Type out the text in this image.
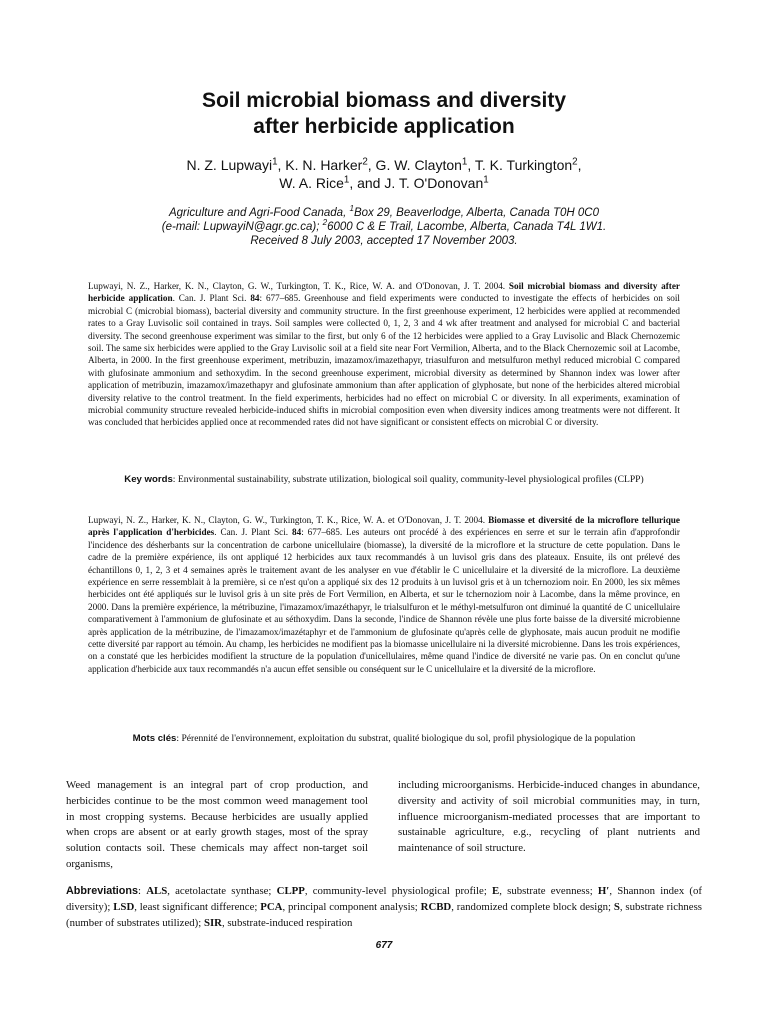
Soil microbial biomass and diversity
after herbicide application
N. Z. Lupwayi$^1$, K. N. Harker$^2$, G. W. Clayton$^1$, T. K. Turkington$^2$,
W. A. Rice$^1$, and J. T. O'Donovan$^1$
Agriculture and Agri-Food Canada, $^1$Box 29, Beaverlodge, Alberta, Canada T0H 0C0
(e-mail: LupwayiN@agr.gc.ca); $^2$6000 C & E Trail, Lacombe, Alberta, Canada T4L 1W1.
Received 8 July 2003, accepted 17 November 2003.

Lupwayi, N. Z., Harker, K. N., Clayton, G. W., Turkington, T. K., Rice, W. A. and O'Donovan, J. T. 2004. Soil microbial biomass and diversity after herbicide application. Can. J. Plant Sci. 84: 677–685. Greenhouse and field experiments were conducted to investigate the effects of herbicides on soil microbial C (microbial biomass), bacterial diversity and community structure. In the first greenhouse experiment, 12 herbicides were applied at recommended rates to a Gray Luvisolic soil contained in trays. Soil samples were collected 0, 1, 2, 3 and 4 wk after treatment and analysed for microbial C and bacterial diversity. The second greenhouse experiment was similar to the first, but only 6 of the 12 herbicides were applied to a Gray Luvisolic and Black Chernozemic soil. The same six herbicides were applied to the Gray Luvisolic soil at a field site near Fort Vermilion, Alberta, and to the Black Chernozemic soil at Lacombe, Alberta, in 2000. In the first greenhouse experiment, metribuzin, imazamox/imazethapyr, triasulfuron and metsulfuron methyl reduced microbial C compared with glufosinate ammonium and sethoxydim. In the second greenhouse experiment, microbial diversity as determined by Shannon index was lower after application of metribuzin, imazamox/imazethapyr and glufosinate ammonium than after application of glyphosate, but none of the herbicides altered microbial diversity relative to the control treatment. In the field experiments, herbicides had no effect on microbial C or diversity. In all experiments, examination of microbial community structure revealed herbicide-induced shifts in microbial composition even when diversity indices among treatments were not different. It was concluded that herbicides applied once at recommended rates did not have significant or consistent effects on microbial C or diversity.

Key words: Environmental sustainability, substrate utilization, biological soil quality, community-level physiological profiles (CLPP)

Lupwayi, N. Z., Harker, K. N., Clayton, G. W., Turkington, T. K., Rice, W. A. et O'Donovan, J. T. 2004. Biomasse et diversité de la microflore tellurique après l'application d'herbicides. Can. J. Plant Sci. 84: 677–685. Les auteurs ont procédé à des expériences en serre et sur le terrain afin d'approfondir l'incidence des désherbants sur la concentration de carbone unicellulaire (biomasse), la diversité de la microflore et la structure de cette population. Dans le cadre de la première expérience, ils ont appliqué 12 herbicides aux taux recommandés à un luvisol gris dans des plateaux. Ensuite, ils ont prélevé des échantillons 0, 1, 2, 3 et 4 semaines après le traitement avant de les analyser en vue d'établir le C unicellulaire et la diversité de la microflore. La deuxième expérience en serre ressemblait à la première, si ce n'est qu'on a appliqué six des 12 produits à un luvisol gris et à un tchernoziom noir. En 2000, les six mêmes herbicides ont été appliqués sur le luvisol gris à un site près de Fort Vermilion, en Alberta, et sur le tchernoziom noir à Lacombe, dans la même province, en 2000. Dans la première expérience, la métribuzine, l'imazamox/imazéthapyr, le trialsulfuron et le méthyl-metsulfuron ont diminué la quantité de C unicellulaire comparativement à l'ammonium de glufosinate et au séthoxydim. Dans la seconde, l'indice de Shannon révèle une plus forte baisse de la diversité microbienne après application de la métribuzine, de l'imazamox/imazétaphyr et de l'ammonium de glufosinate qu'après celle de glyphosate, mais aucun produit ne modifie cette diversité par rapport au témoin. Au champ, les herbicides ne modifient pas la biomasse unicellulaire ni la diversité microbienne. Dans les trois expériences, on a constaté que les herbicides modifient la structure de la population d'unicellulaires, même quand l'indice de diversité ne varie pas. On en conclut qu'une application d'herbicide aux taux recommandés n'a aucun effet sensible ou conséquent sur le C unicellulaire et la diversité de la microflore.

Mots clés: Pérennité de l'environnement, exploitation du substrat, qualité biologique du sol, profil physiologique de la population
Weed management is an integral part of crop production, and herbicides continue to be the most common weed management tool in most cropping systems. Because herbicides are usually applied when crops are absent or at early growth stages, most of the spray solution contacts soil. These chemicals may affect non-target soil organisms,
including microorganisms. Herbicide-induced changes in abundance, diversity and activity of soil microbial communities may, in turn, influence microorganism-mediated processes that are important to sustainable agriculture, e.g., recycling of plant nutrients and maintenance of soil structure.
Abbreviations: ALS, acetolactate synthase; CLPP, community-level physiological profile; E, substrate evenness; H′, Shannon index (of diversity); LSD, least significant difference; PCA, principal component analysis; RCBD, randomized complete block design; S, substrate richness (number of substrates utilized); SIR, substrate-induced respiration
677
